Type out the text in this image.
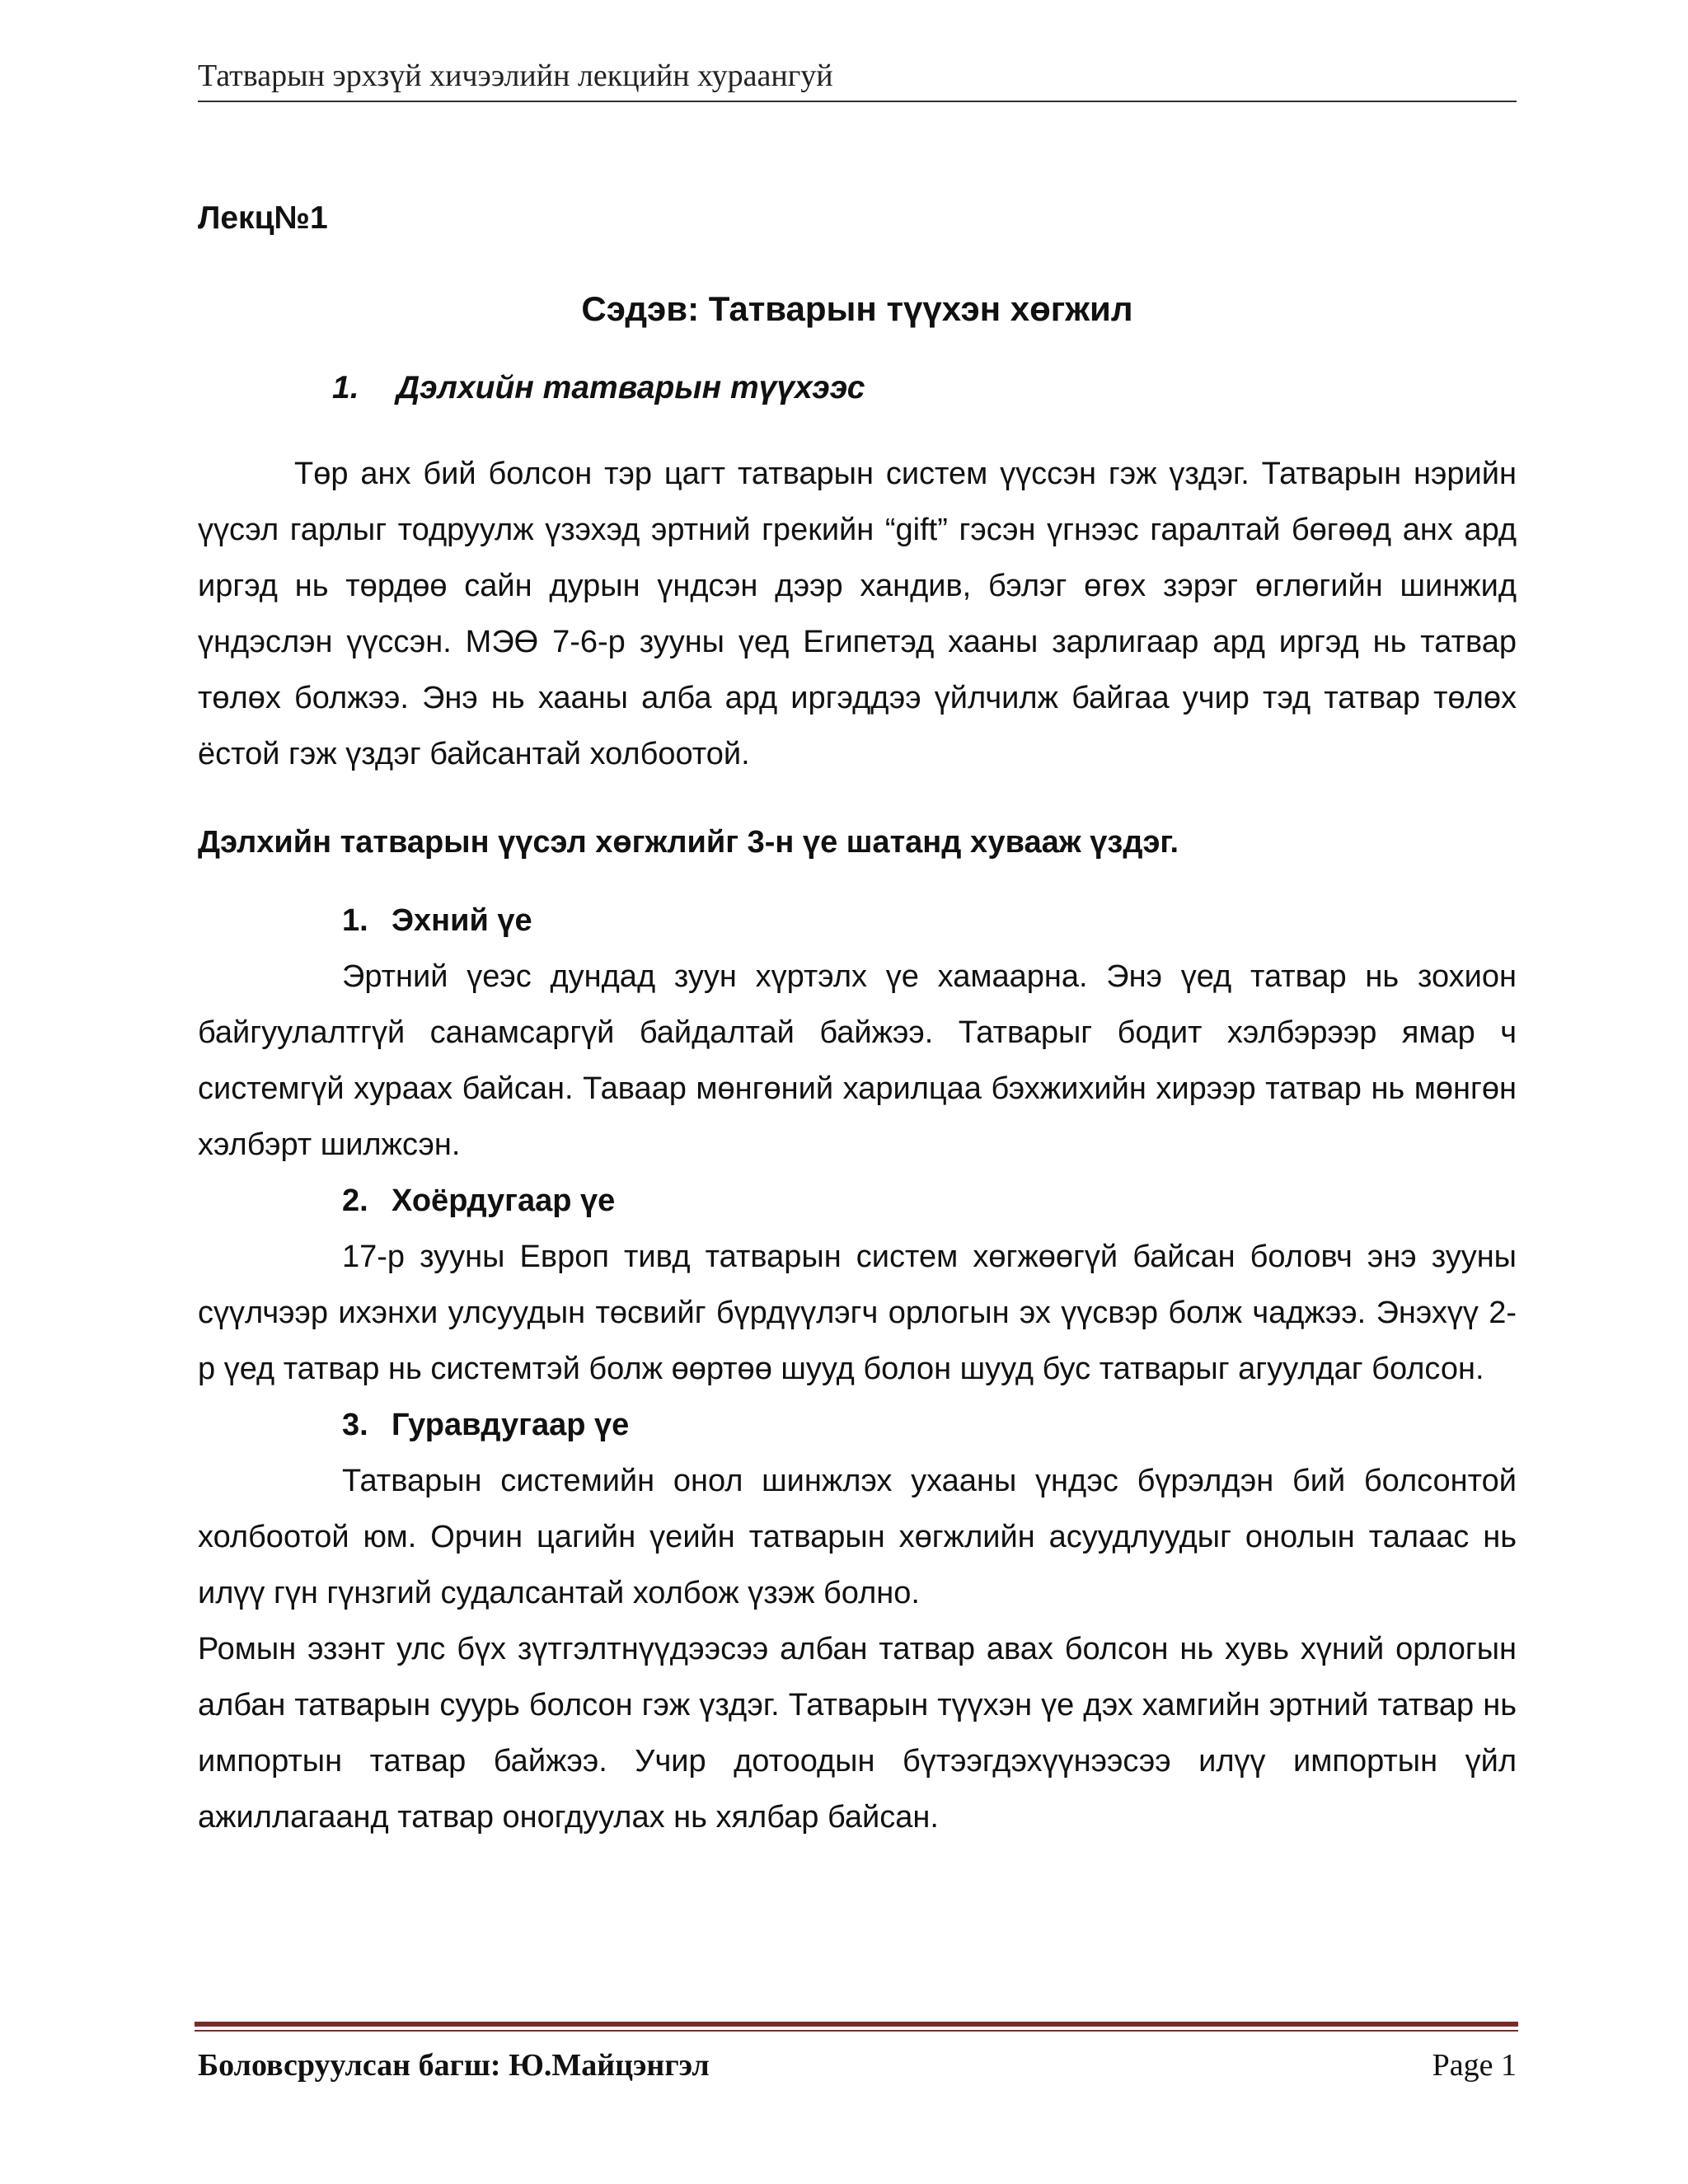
Татварын эрхзүй хичээлийн лекцийн хураангуй
Лекц№1
Сэдэв: Татварын түүхэн хөгжил
1. Дэлхийн татварын түүхээс

Төр анх бий болсон тэр цагт татварын систем үүссэн гэж үздэг. Татварын нэрийн үүсэл гарлыг тодруулж үзэхэд эртний грекийн “gift” гэсэн үгнээс гаралтай бөгөөд анх ард иргэд нь төрдөө сайн дурын үндсэн дээр хандив, бэлэг өгөх зэрэг өглөгийн шинжид үндэслэн үүссэн. МЭӨ 7-6-р зууны үед Египетэд хааны зарлигаар ард иргэд нь татвар төлөх болжээ. Энэ нь хааны алба ард иргэддээ үйлчилж байгаа учир тэд татвар төлөх ёстой гэж үздэг байсантай холбоотой.

Дэлхийн татварын үүсэл хөгжлийг 3-н үе шатанд хувааж үздэг.
1. Эхний үе

Эртний үеэс дундад зуун хүртэлх үе хамаарна. Энэ үед татвар нь зохион байгуулалтгүй санамсаргүй байдалтай байжээ. Татварыг бодит хэлбэрээр ямар ч системгүй хураах байсан. Таваар мөнгөний харилцаа бэхжихийн хирээр татвар нь мөнгөн хэлбэрт шилжсэн.

2. Хоёрдугаар үе

17-р зууны Европ тивд татварын систем хөгжөөгүй байсан боловч энэ зууны сүүлчээр ихэнхи улсуудын төсвийг бүрдүүлэгч орлогын эх үүсвэр болж чаджээ. Энэхүү 2-р үед татвар нь системтэй болж өөртөө шууд болон шууд бус татварыг агуулдаг болсон.

3. Гуравдугаар үе

Татварын системийн онол шинжлэх ухааны үндэс бүрэлдэн бий болсонтой холбоотой юм. Орчин цагийн үеийн татварын хөгжлийн асуудлуудыг онолын талаас нь илүү гүн гүнзгий судалсантай холбож үзэж болно.

Ромын эзэнт улс бүх зүтгэлтнүүдээсээ албан татвар авах болсон нь хувь хүний орлогын албан татварын суурь болсон гэж үздэг. Татварын түүхэн үе дэх хамгийн эртний татвар нь импортын татвар байжээ. Учир дотоодын бүтээгдэхүүнээсээ илүү импортын үйл ажиллагаанд татвар оногдуулах нь хялбар байсан.

Боловсруулсан багш: Ю.Майцэнгэл	Page 1
